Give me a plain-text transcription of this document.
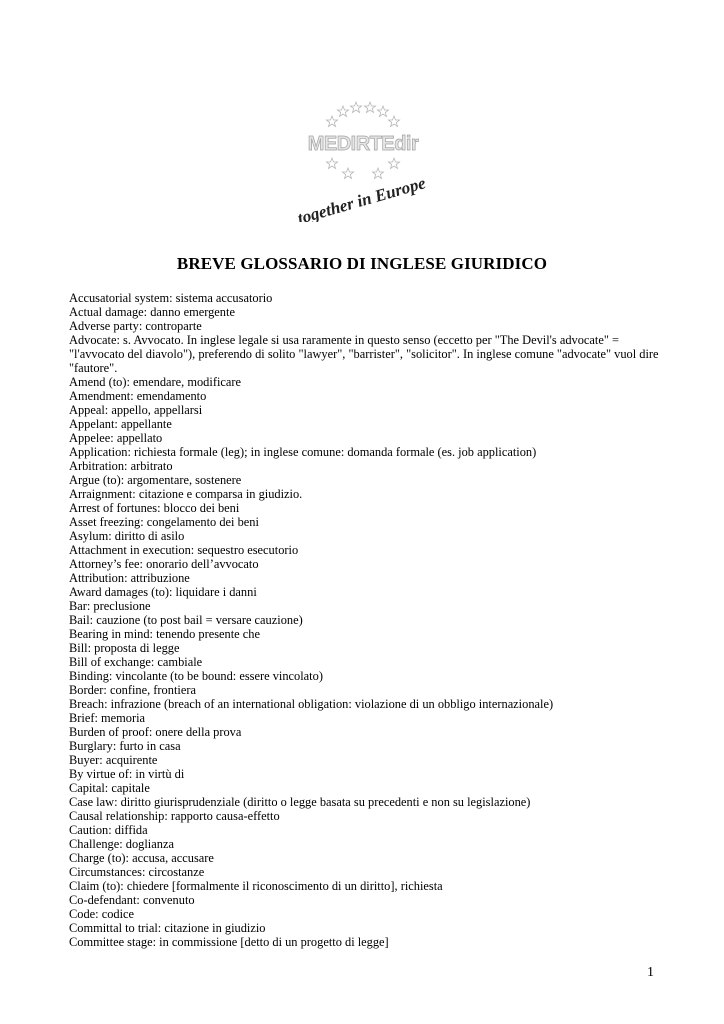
MEDIRTEdir
together in Europe
BREVE GLOSSARIO DI INGLESE GIURIDICO
Accusatorial system: sistema accusatorio
Actual damage: danno emergente
Adverse party: controparte
Advocate: s. Avvocato. In inglese legale si usa raramente in questo senso (eccetto per "The Devil's advocate" = "l'avvocato del diavolo"), preferendo di solito "lawyer", "barrister", "solicitor". In inglese comune "advocate" vuol dire "fautore".
Amend (to): emendare, modificare
Amendment: emendamento
Appeal: appello, appellarsi
Appelant: appellante
Appelee: appellato
Application: richiesta formale (leg); in inglese comune: domanda formale (es. job application)
Arbitration: arbitrato
Argue (to): argomentare, sostenere
Arraignment: citazione e comparsa in giudizio.
Arrest of fortunes: blocco dei beni
Asset freezing: congelamento dei beni
Asylum: diritto di asilo
Attachment in execution: sequestro esecutorio
Attorney’s fee: onorario dell’avvocato
Attribution: attribuzione
Award damages (to): liquidare i danni
Bar: preclusione
Bail: cauzione (to post bail = versare cauzione)
Bearing in mind: tenendo presente che
Bill: proposta di legge
Bill of exchange: cambiale
Binding: vincolante (to be bound: essere vincolato)
Border: confine, frontiera
Breach: infrazione (breach of an international obligation: violazione di un obbligo internazionale)
Brief: memoria
Burden of proof: onere della prova
Burglary: furto in casa
Buyer: acquirente
By virtue of: in virtù di
Capital: capitale
Case law: diritto giurisprudenziale (diritto o legge basata su precedenti e non su legislazione)
Causal relationship: rapporto causa-effetto
Caution: diffida
Challenge: doglianza
Charge (to): accusa, accusare
Circumstances: circostanze
Claim (to): chiedere [formalmente il riconoscimento di un diritto], richiesta
Co-defendant: convenuto
Code: codice
Committal to trial: citazione in giudizio
Committee stage: in commissione [detto di un progetto di legge]
1
